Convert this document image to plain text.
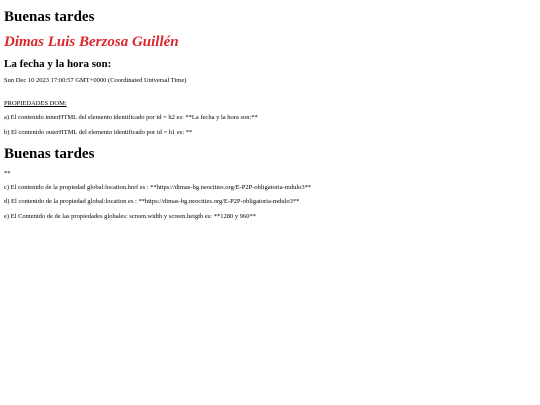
Buenas tardes
Dimas Luis Berzosa Guillén
La fecha y la hora son:
Sun Dec 10 2023 17:00:57 GMT+0000 (Coordinated Universal Time)
PROPIEDADES DOM:
a) El contenido innerHTML del elemento identificado por id = h2 es: **La fecha y la hora son:**
b) El contenido outerHTML del elemento identificado por id = h1 es: **
Buenas tardes
**
c) El contenido de la propiedad global:location.href es : **https://dimas-bg.neocities.org/E-P2P-obligatoria-mdulo3**
d) El contenido de la propiedad global:location es : **https://dimas-bg.neocities.org/E-P2P-obligatoria-mdulo3**
e) El Contenido de de las propiedades globales: screen.width y screen.heigth es: **1280 y 960**
